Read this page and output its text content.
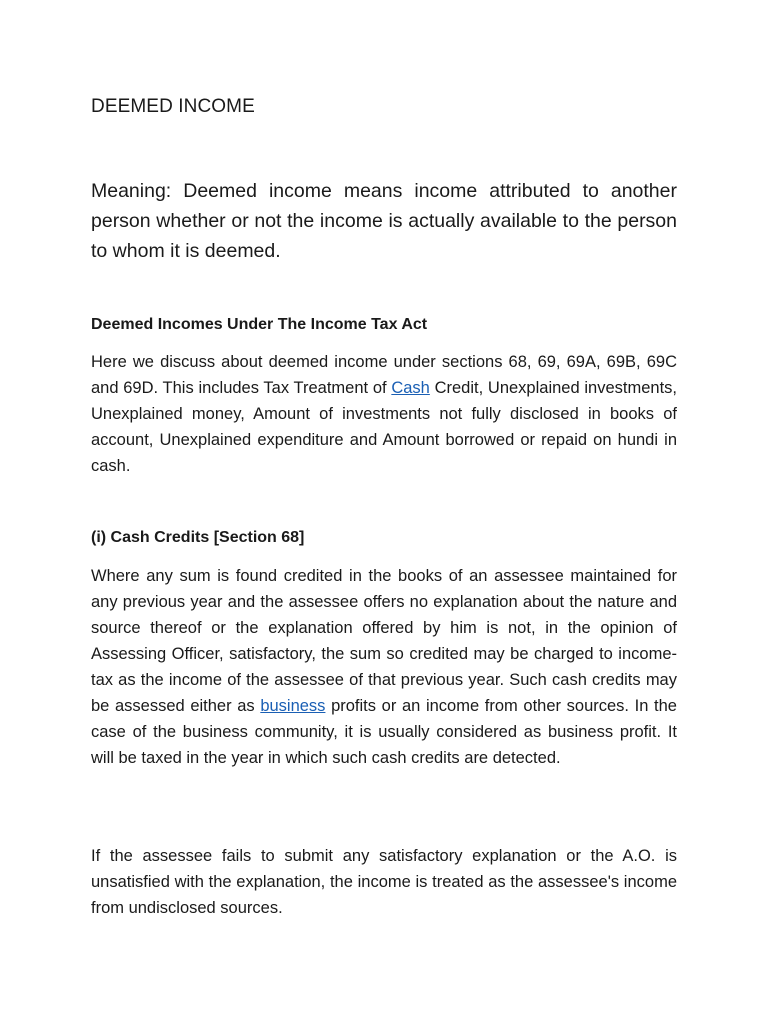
DEEMED INCOME

Meaning: Deemed income means income attributed to another person whether or not the income is actually available to the person to whom it is deemed.

Deemed Incomes Under The Income Tax Act

Here we discuss about deemed income under sections 68, 69, 69A, 69B, 69C and 69D. This includes Tax Treatment of Cash Credit, Unexplained investments, Unexplained money, Amount of investments not fully disclosed in books of account, Unexplained expenditure and Amount borrowed or repaid on hundi in cash.

(i) Cash Credits [Section 68]

Where any sum is found credited in the books of an assessee maintained for any previous year and the assessee offers no explanation about the nature and source thereof or the explanation offered by him is not, in the opinion of Assessing Officer, satisfactory, the sum so credited may be charged to income-tax as the income of the assessee of that previous year. Such cash credits may be assessed either as business profits or an income from other sources. In the case of the business community, it is usually considered as business profit. It will be taxed in the year in which such cash credits are detected.

If the assessee fails to submit any satisfactory explanation or the A.O. is unsatisfied with the explanation, the income is treated as the assessee's income from undisclosed sources.
